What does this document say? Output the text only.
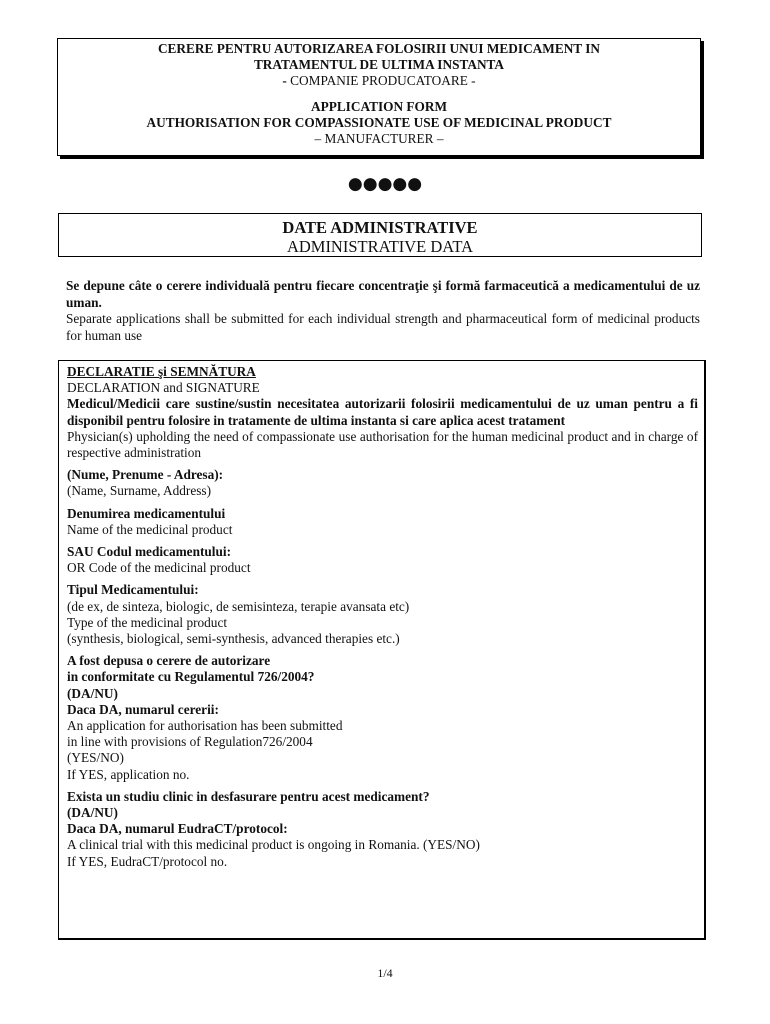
CERERE PENTRU AUTORIZAREA FOLOSIRII UNUI MEDICAMENT IN
TRATAMENTUL DE ULTIMA INSTANTA
- COMPANIE PRODUCATOARE -
APPLICATION FORM
AUTHORISATION FOR COMPASSIONATE USE OF MEDICINAL PRODUCT
– MANUFACTURER –
●●●●●
DATE ADMINISTRATIVE
ADMINISTRATIVE DATA
Se depune câte o cerere individuală pentru fiecare concentraţie şi formă farmaceutică a medicamentului de uz uman.
Separate applications shall be submitted for each individual strength and pharmaceutical form of medicinal products for human use
DECLARATIE şi SEMNĂTURA
DECLARATION and SIGNATURE
Medicul/Medicii care sustine/sustin necesitatea autorizarii folosirii medicamentului de uz uman pentru a fi disponibil pentru folosire in tratamente de ultima instanta si care aplica acest tratament
Physician(s) upholding the need of compassionate use authorisation for the human medicinal product and in charge of respective administration
(Nume, Prenume - Adresa):
(Name, Surname, Address)
Denumirea medicamentului
Name of the medicinal product
SAU Codul medicamentului:
OR Code of the medicinal product
Tipul Medicamentului:
(de ex, de sinteza, biologic, de semisinteza, terapie avansata etc)
Type of the medicinal product
(synthesis, biological, semi-synthesis, advanced therapies etc.)
A fost depusa o cerere de autorizare
in conformitate cu Regulamentul 726/2004?
(DA/NU)
Daca DA, numarul cererii:
An application for authorisation has been submitted
in line with provisions of Regulation726/2004
(YES/NO)
If YES, application no.
Exista un studiu clinic in desfasurare pentru acest medicament?
(DA/NU)
Daca DA, numarul EudraCT/protocol:
A clinical trial with this medicinal product is ongoing in Romania. (YES/NO)
If YES, EudraCT/protocol no.
1/4
